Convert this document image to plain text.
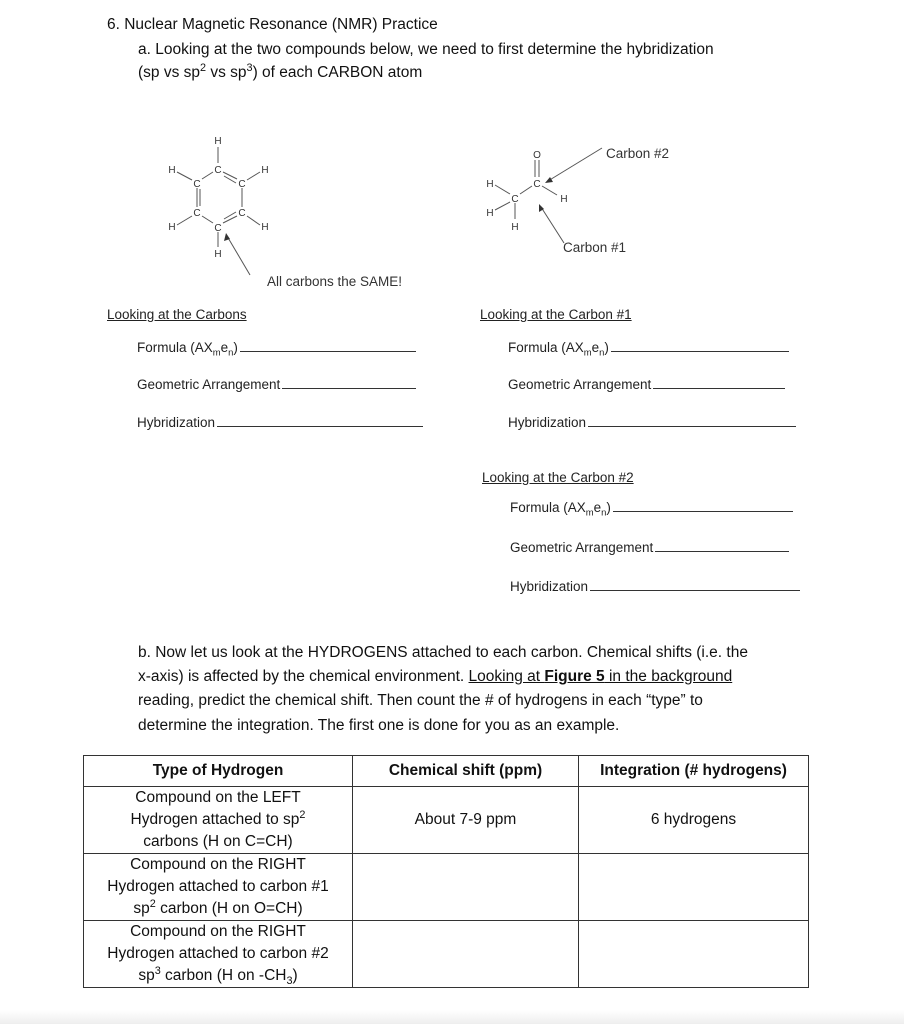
6. Nuclear Magnetic Resonance (NMR) Practice
a. Looking at the two compounds below, we need to first determine the hybridization
(sp vs $sp^2$ vs $sp^3$) of each CARBON atom
H
C
C	C
C	C
C
H
H	H
H	H
O
C
H
C
H
H
H
All carbons the SAME!
Carbon #2
Carbon #1
Looking at the Carbons
Formula $(AX_me_n)$
Geometric Arrangement
Hybridization
Looking at the Carbon #1
Formula $(AX_me_n)$
Geometric Arrangement
Hybridization
Looking at the Carbon #2
Formula $(AX_me_n)$
Geometric Arrangement
Hybridization
b. Now let us look at the HYDROGENS attached to each carbon. Chemical shifts (i.e. the
x-axis) is affected by the chemical environment. Looking at Figure 5 in the background
reading, predict the chemical shift. Then count the # of hydrogens in each “type” to
determine the integration. The first one is done for you as an example.
Type of Hydrogen	Chemical shift (ppm)	Integration (# hydrogens)

Compound on the LEFT
Hydrogen attached to $sp^2$
carbons (H on C=CH)	About 7-9 ppm	6 hydrogens

Compound on the RIGHT
Hydrogen attached to carbon #1
$sp^2$ carbon (H on O=CH)		

Compound on the RIGHT
Hydrogen attached to carbon #2
$sp^3$ carbon (H on $-CH_3$)		
